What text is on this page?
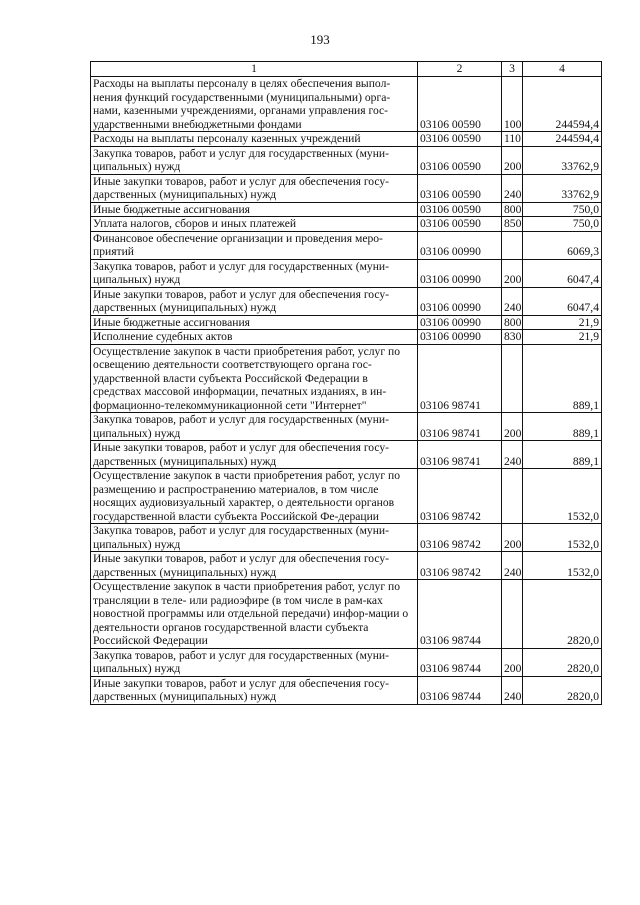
193
1	2	3	4
Расходы на выплаты персоналу в целях обеспечения выпол-нения функций государственными (муниципальными) орга-нами, казенными учреждениями, органами управления гос-ударственными внебюджетными фондами	03106 00590	100	244594,4
Расходы на выплаты персоналу казенных учреждений	03106 00590	110	244594,4
Закупка товаров, работ и услуг для государственных (муни-ципальных) нужд	03106 00590	200	33762,9
Иные закупки товаров, работ и услуг для обеспечения госу-дарственных (муниципальных) нужд	03106 00590	240	33762,9
Иные бюджетные ассигнования	03106 00590	800	750,0
Уплата налогов, сборов и иных платежей	03106 00590	850	750,0
Финансовое обеспечение организации и проведения меро-приятий	03106 00990		6069,3
Закупка товаров, работ и услуг для государственных (муни-ципальных) нужд	03106 00990	200	6047,4
Иные закупки товаров, работ и услуг для обеспечения госу-дарственных (муниципальных) нужд	03106 00990	240	6047,4
Иные бюджетные ассигнования	03106 00990	800	21,9
Исполнение судебных актов	03106 00990	830	21,9
Осуществление закупок в части приобретения работ, услуг по освещению деятельности соответствующего органа гос-ударственной власти субъекта Российской Федерации в средствах массовой информации, печатных изданиях, в ин-формационно-телекоммуникационной сети "Интернет"	03106 98741		889,1
Закупка товаров, работ и услуг для государственных (муни-ципальных) нужд	03106 98741	200	889,1
Иные закупки товаров, работ и услуг для обеспечения госу-дарственных (муниципальных) нужд	03106 98741	240	889,1
Осуществление закупок в части приобретения работ, услуг по размещению и распространению материалов, в том числе носящих аудиовизуальный характер, о деятельности органов государственной власти субъекта Российской Фе-дерации	03106 98742		1532,0
Закупка товаров, работ и услуг для государственных (муни-ципальных) нужд	03106 98742	200	1532,0
Иные закупки товаров, работ и услуг для обеспечения госу-дарственных (муниципальных) нужд	03106 98742	240	1532,0
Осуществление закупок в части приобретения работ, услуг по трансляции в теле- или радиоэфире (в том числе в рам-ках новостной программы или отдельной передачи) инфор-мации о деятельности органов государственной власти субъекта Российской Федерации	03106 98744		2820,0
Закупка товаров, работ и услуг для государственных (муни-ципальных) нужд	03106 98744	200	2820,0
Иные закупки товаров, работ и услуг для обеспечения госу-дарственных (муниципальных) нужд	03106 98744	240	2820,0
